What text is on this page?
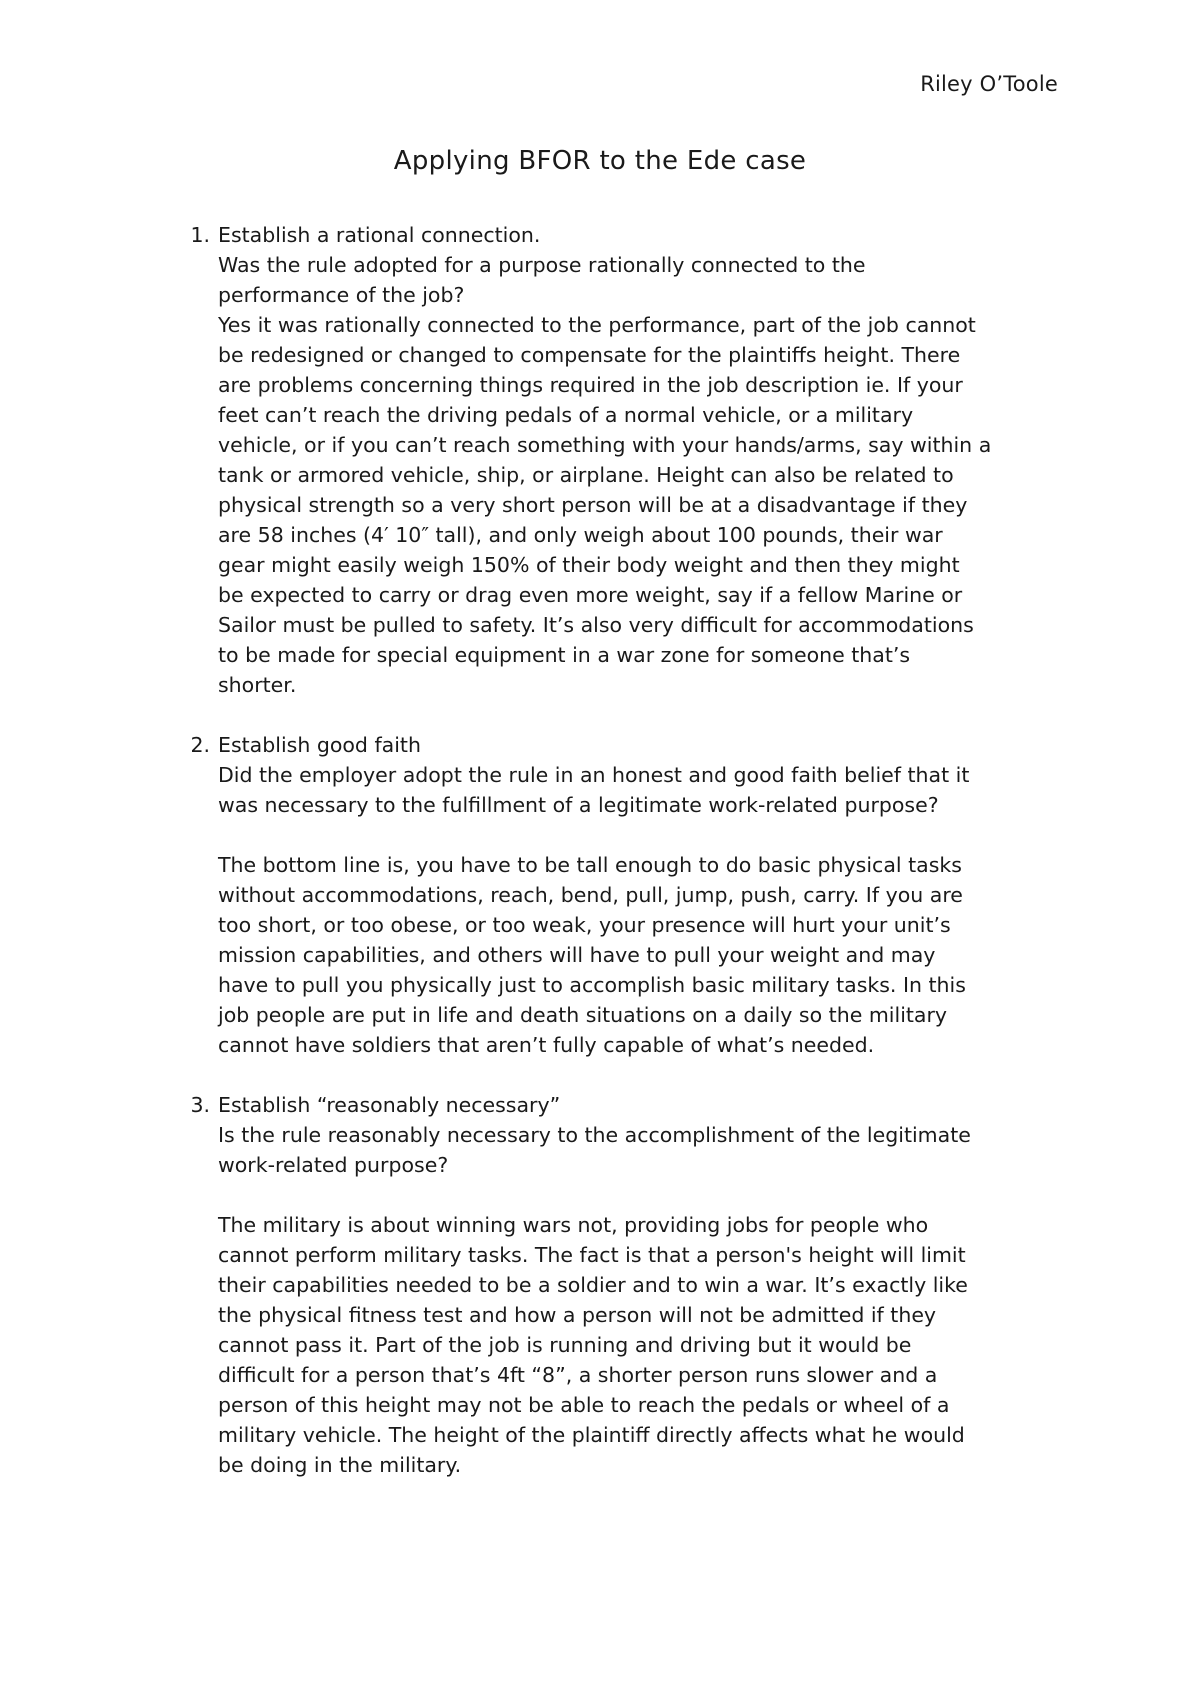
Riley O’Toole
Applying BFOR to the Ede case
1. Establish a rational connection.
Was the rule adopted for a purpose rationally connected to the
performance of the job?
Yes it was rationally connected to the performance, part of the job cannot
be redesigned or changed to compensate for the plaintiffs height. There
are problems concerning things required in the job description ie. If your
feet can’t reach the driving pedals of a normal vehicle, or a military
vehicle, or if you can’t reach something with your hands/arms, say within a
tank or armored vehicle, ship, or airplane. Height can also be related to
physical strength so a very short person will be at a disadvantage if they
are 58 inches (4′ 10″ tall), and only weigh about 100 pounds, their war
gear might easily weigh 150% of their body weight and then they might
be expected to carry or drag even more weight, say if a fellow Marine or
Sailor must be pulled to safety. It’s also very difficult for accommodations
to be made for special equipment in a war zone for someone that’s
shorter.
2. Establish good faith
Did the employer adopt the rule in an honest and good faith belief that it
was necessary to the fulfillment of a legitimate work-related purpose?
The bottom line is, you have to be tall enough to do basic physical tasks
without accommodations, reach, bend, pull, jump, push, carry. If you are
too short, or too obese, or too weak, your presence will hurt your unit’s
mission capabilities, and others will have to pull your weight and may
have to pull you physically just to accomplish basic military tasks. In this
job people are put in life and death situations on a daily so the military
cannot have soldiers that aren’t fully capable of what’s needed.
3. Establish “reasonably necessary”
Is the rule reasonably necessary to the accomplishment of the legitimate
work-related purpose?
The military is about winning wars not, providing jobs for people who
cannot perform military tasks. The fact is that a person's height will limit
their capabilities needed to be a soldier and to win a war. It’s exactly like
the physical fitness test and how a person will not be admitted if they
cannot pass it. Part of the job is running and driving but it would be
difficult for a person that’s 4ft “8”, a shorter person runs slower and a
person of this height may not be able to reach the pedals or wheel of a
military vehicle. The height of the plaintiff directly affects what he would
be doing in the military.
